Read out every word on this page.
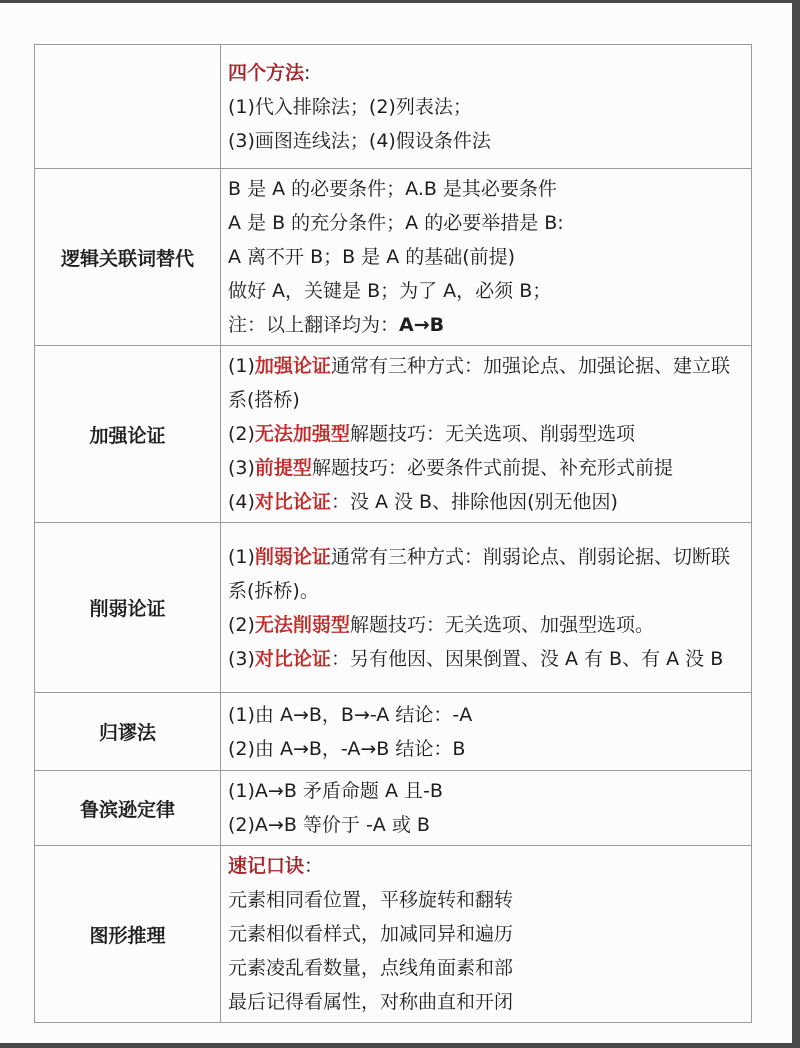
	四个方法:
(1)代入排除法；(2)列表法；
(3)画图连线法；(4)假设条件法

逻辑关联词替代	B 是 A 的必要条件；A.B 是其必要条件
A 是 B 的充分条件；A 的必要举措是 B:
A 离不开 B；B 是 A 的基础(前提)
做好 A，关键是 B；为了 A，必须 B；
注：以上翻译均为：A→B

加强论证	(1)加强论证通常有三种方式：加强论点、加强论据、建立联系(搭桥)
(2)无法加强型解题技巧：无关选项、削弱型选项
(3)前提型解题技巧：必要条件式前提、补充形式前提
(4)对比论证：没 A 没 B、排除他因(别无他因)

削弱论证	(1)削弱论证通常有三种方式：削弱论点、削弱论据、切断联系(拆桥)。
(2)无法削弱型解题技巧：无关选项、加强型选项。
(3)对比论证：另有他因、因果倒置、没 A 有 B、有 A 没 B

归谬法	(1)由 A→B，B→-A 结论：-A
(2)由 A→B，-A→B 结论：B

鲁滨逊定律	(1)A→B 矛盾命题 A 且-B
(2)A→B 等价于 -A 或 B

图形推理	速记口诀：
元素相同看位置，平移旋转和翻转
元素相似看样式，加减同异和遍历
元素凌乱看数量，点线角面素和部
最后记得看属性，对称曲直和开闭
